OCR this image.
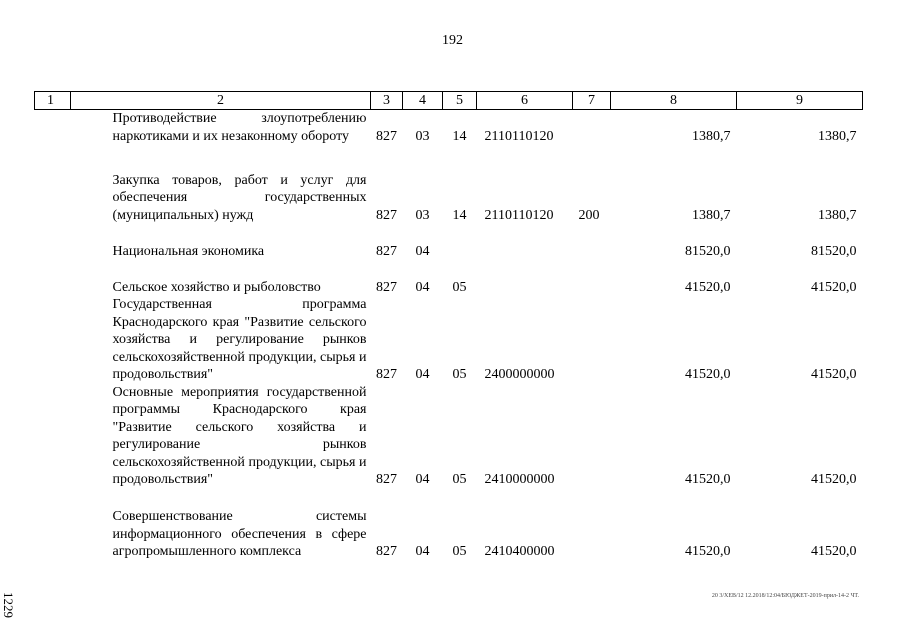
192
1	2	3	4	5	6	7	8	9

	Противодействие злоупотреблению наркотиками и их незаконному обороту	827	03	14	2110110120		1380,7	1380,7

	Закупка товаров, работ и услуг для обеспечения государственных (муниципальных) нужд	827	03	14	2110110120	200	1380,7	1380,7

	Национальная экономика	827	04				81520,0	81520,0

	Сельское хозяйство и рыболовство	827	04	05			41520,0	41520,0

	Государственная программа Краснодарского края "Развитие сельского хозяйства и регулирование рынков сельскохозяйственной продукции, сырья и продовольствия"	827	04	05	2400000000		41520,0	41520,0

	Основные мероприятия государственной программы Краснодарского края "Развитие сельского хозяйства и регулирование рынков сельскохозяйственной продукции, сырья и продовольствия"	827	04	05	2410000000		41520,0	41520,0

	Совершенствование системы информационного обеспечения в сфере агропромышленного комплекса	827	04	05	2410400000		41520,0	41520,0
1229	20 3/ХЕВ/12 12.2018/12:04/БЮДЖЕТ-2019-прил-14-2 ЧТ.
